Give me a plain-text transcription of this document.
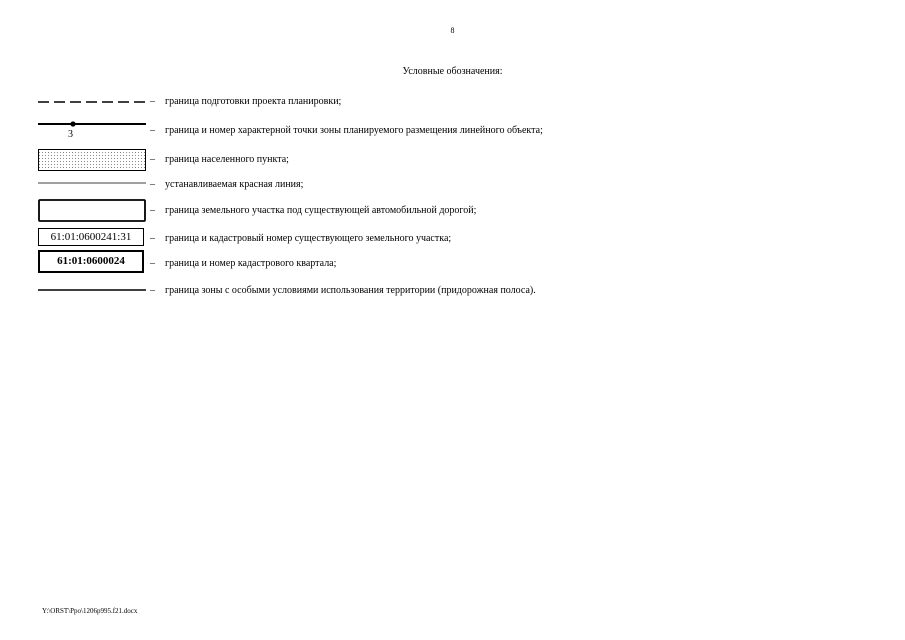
8
Условные обозначения:
– граница подготовки проекта планировки;
3	– граница и номер характерной точки зоны планируемого размещения линейного объекта;
– граница населенного пункта;
– устанавливаемая красная линия;
– граница земельного участка под существующей автомобильной дорогой;
61:01:0600241:31	– граница и кадастровый номер существующего земельного участка;
61:01:0600024	– граница и номер кадастрового квартала;
– граница зоны с особыми условиями использования территории (придорожная полоса).
Y:\ORST\Ppo\1206p995.f21.docx
